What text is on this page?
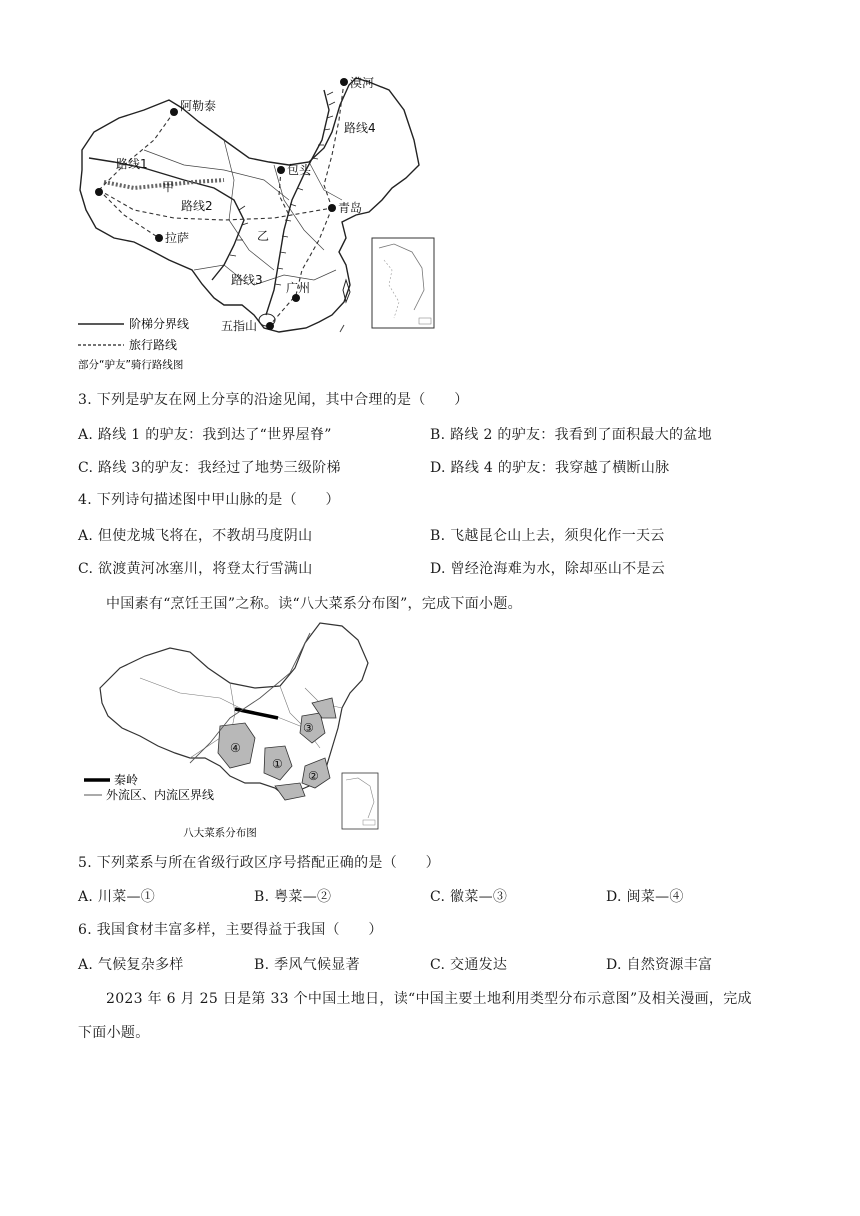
漠河
阿勒泰
路线4
路线1	包头
甲
路线2	青岛
乙
拉萨
路线3
广州
五指山
阶梯分界线
旅行路线
部分“驴友”骑行路线图
3. 下列是驴友在网上分享的沿途见闻，其中合理的是（　　）
A. 路线 1 的驴友：我到达了“世界屋脊”	B. 路线 2 的驴友：我看到了面积最大的盆地
C. 路线 3的驴友：我经过了地势三级阶梯	D. 路线 4 的驴友：我穿越了横断山脉
4. 下列诗句描述图中甲山脉的是（　　）
A. 但使龙城飞将在，不教胡马度阴山	B. 飞越昆仑山上去，须臾化作一天云
C. 欲渡黄河冰塞川，将登太行雪满山	D. 曾经沧海难为水，除却巫山不是云
中国素有“烹饪王国”之称。读“八大菜系分布图”，完成下面小题。
④
①
③
②
秦岭
外流区、内流区界线
八大菜系分布图
5. 下列菜系与所在省级行政区序号搭配正确的是（　　）
A. 川菜—①	B. 粤菜—②	C. 徽菜—③	D. 闽菜—④
6. 我国食材丰富多样，主要得益于我国（　　）
A. 气候复杂多样	B. 季风气候显著	C. 交通发达	D. 自然资源丰富
2023 年 6 月 25 日是第 33 个中国土地日，读“中国主要土地利用类型分布示意图”及相关漫画，完成
下面小题。
